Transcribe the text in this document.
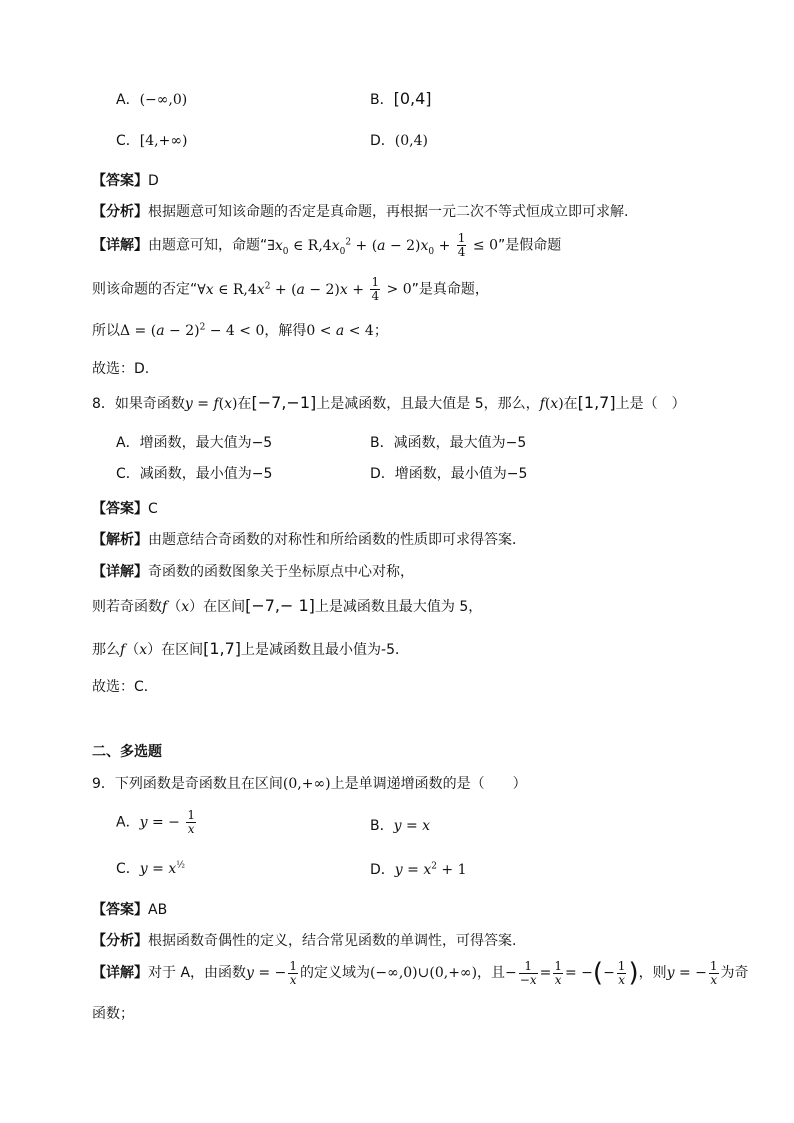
A．(−∞,0)	B．[0,4]
C．[4,+∞)	D．(0,4)
【答案】D
【分析】根据题意可知该命题的否定是真命题，再根据一元二次不等式恒成立即可求解.
【详解】由题意可知，命题“$\exists x_0$ ∈ $R,4x_0^2 + (a - 2)x_0 + \frac{1}{4} \le 0$”是假命题
则该命题的否定“∀x ∈ $R,4x^2 + (a - 2)x + \frac{1}{4} > 0$”是真命题，
所以$\Delta = (a - 2)^2 - 4 < 0$，解得0 < a < 4；
故选：D.
8．如果奇函数y = f(x)在[−7,−1]上是减函数，且最大值是 5，那么，f(x)在[1,7]上是（　）
A．增函数，最大值为−5	B．减函数，最大值为−5
C．减函数，最小值为−5	D．增函数，最小值为−5
【答案】C
【解析】由题意结合奇函数的对称性和所给函数的性质即可求得答案．
【详解】奇函数的函数图象关于坐标原点中心对称，
则若奇函数f（x）在区间[−7,− 1]上是减函数且最大值为 5，
那么f（x）在区间[1,7]上是减函数且最小值为-5．
故选：C．
二、多选题
9．下列函数是奇函数且在区间(0,+∞)上是单调递增函数的是（　　）
A．y = − $\frac{1}{x}$	B．y = x
C．$y = x^{\frac{1}{2}}$	D．$y = x^2 + 1$
【答案】AB
【分析】根据函数奇偶性的定义，结合常见函数的单调性，可得答案.
【详解】对于 A，由函数y = − $\frac{1}{x}$ 的定义域为(−∞,0)∪(0,+∞)，且− $\frac{1}{-x} = \frac{1}{x}$ = −(− $\frac{1}{x}$ )，则y = − $\frac{1}{x}$ 为奇
函数；
